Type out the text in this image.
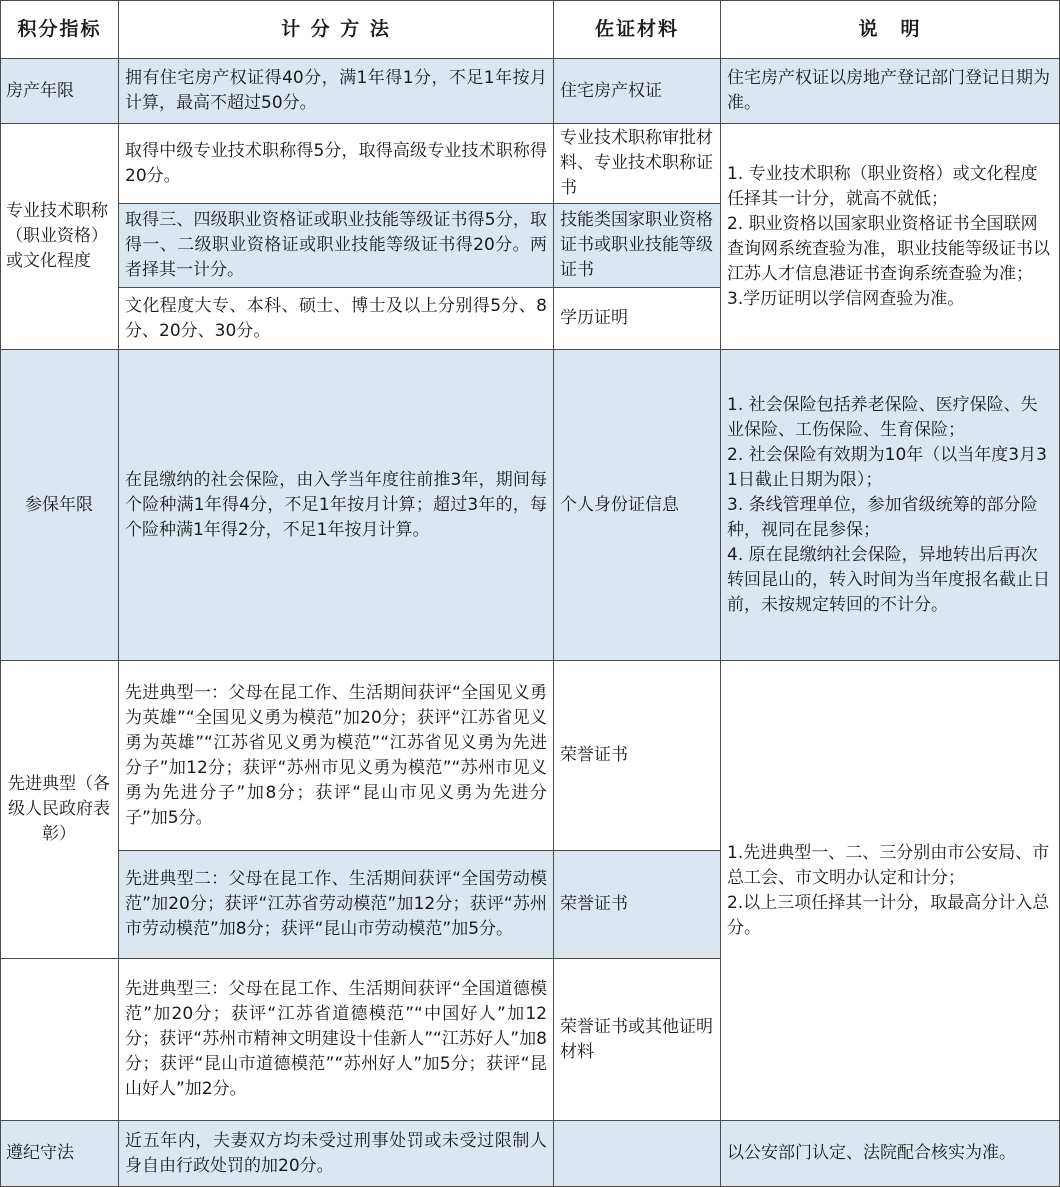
积分指标	计 分 方 法	佐证材料	说　明
房产年限	拥有住宅房产权证得40分，满1年得1分，不足1年按月计算，最高不超过50分。	住宅房产权证	住宅房产权证以房地产登记部门登记日期为准。
专业技术职称（职业资格）或文化程度	取得中级专业技术职称得5分，取得高级专业技术职称得20分。	专业技术职称审批材料、专业技术职称证书	1. 专业技术职称（职业资格）或文化程度任择其一计分，就高不就低；
2. 职业资格以国家职业资格证书全国联网查询网系统查验为准，职业技能等级证书以江苏人才信息港证书查询系统查验为准；
3.学历证明以学信网查验为准。

	取得三、四级职业资格证或职业技能等级证书得5分，取得一、二级职业资格证或职业技能等级证书得20分。两者择其一计分。	技能类国家职业资格证书或职业技能等级证书	
	文化程度大专、本科、硕士、博士及以上分别得5分、8分、20分、30分。	学历证明	
参保年限	在昆缴纳的社会保险，由入学当年度往前推3年，期间每个险种满1年得4分，不足1年按月计算；超过3年的，每个险种满1年得2分，不足1年按月计算。	个人身份证信息	1. 社会保险包括养老保险、医疗保险、失业保险、工伤保险、生育保险；
2. 社会保险有效期为10年（以当年度3月31日截止日期为限）；
3. 条线管理单位，参加省级统筹的部分险种，视同在昆参保；
4. 原在昆缴纳社会保险，异地转出后再次转回昆山的，转入时间为当年度报名截止日前，未按规定转回的不计分。

先进典型（各级人民政府表彰）	先进典型一：父母在昆工作、生活期间获评“全国见义勇为英雄”“全国见义勇为模范”加20分；获评“江苏省见义勇为英雄”“江苏省见义勇为模范”“江苏省见义勇为先进分子”加12分；获评“苏州市见义勇为模范”“苏州市见义勇为先进分子”加8分；获评“昆山市见义勇为先进分子”加5分。	荣誉证书	1.先进典型一、二、三分别由市公安局、市总工会、市文明办认定和计分；
2.以上三项任择其一计分，取最高分计入总分。

	先进典型二：父母在昆工作、生活期间获评“全国劳动模范”加20分；获评“江苏省劳动模范”加12分；获评“苏州市劳动模范”加8分；获评“昆山市劳动模范”加5分。	荣誉证书	
	先进典型三：父母在昆工作、生活期间获评“全国道德模范”加20分；获评“江苏省道德模范”“中国好人”加12分；获评“苏州市精神文明建设十佳新人”“江苏好人”加8分；获评“昆山市道德模范”“苏州好人”加5分；获评“昆山好人”加2分。	荣誉证书或其他证明材料	
遵纪守法	近五年内，夫妻双方均未受过刑事处罚或未受过限制人身自由行政处罚的加20分。		以公安部门认定、法院配合核实为准。
